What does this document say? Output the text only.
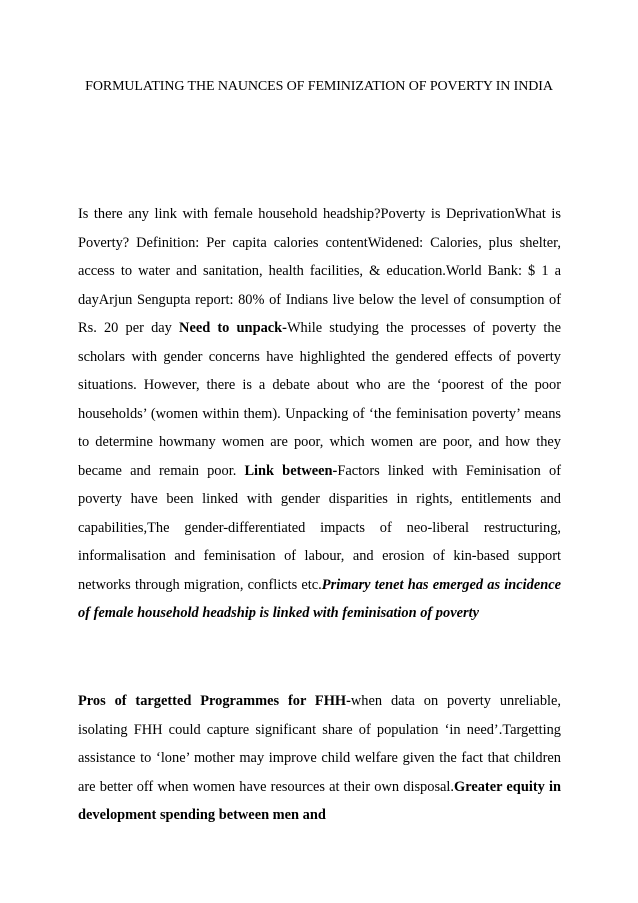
FORMULATING THE NAUNCES OF FEMINIZATION OF POVERTY IN INDIA

Is there any link with female household headship?Poverty is DeprivationWhat is Poverty? Definition: Per capita calories contentWidened: Calories, plus shelter, access to water and sanitation, health facilities, & education.World Bank: $ 1 a dayArjun Sengupta report: 80% of Indians live below the level of consumption of Rs. 20 per day Need to unpack-While studying the processes of poverty the scholars with gender concerns have highlighted the gendered effects of poverty situations. However, there is a debate about who are the ‘poorest of the poor households’ (women within them). Unpacking of ‘the feminisation poverty’ means to determine howmany women are poor, which women are poor, and how they became and remain poor. Link between-Factors linked with Feminisation of poverty have been linked with gender disparities in rights, entitlements and capabilities,The gender-differentiated impacts of neo-liberal restructuring, informalisation and feminisation of labour, and erosion of kin-based support networks through migration, conflicts etc.Primary tenet has emerged as incidence of female household headship is linked with feminisation of poverty

Pros of targetted Programmes for FHH-when data on poverty unreliable, isolating FHH could capture significant share of population ‘in need’.Targetting assistance to ‘lone’ mother may improve child welfare given the fact that children are better off when women have resources at their own disposal.Greater equity in development spending between men and
